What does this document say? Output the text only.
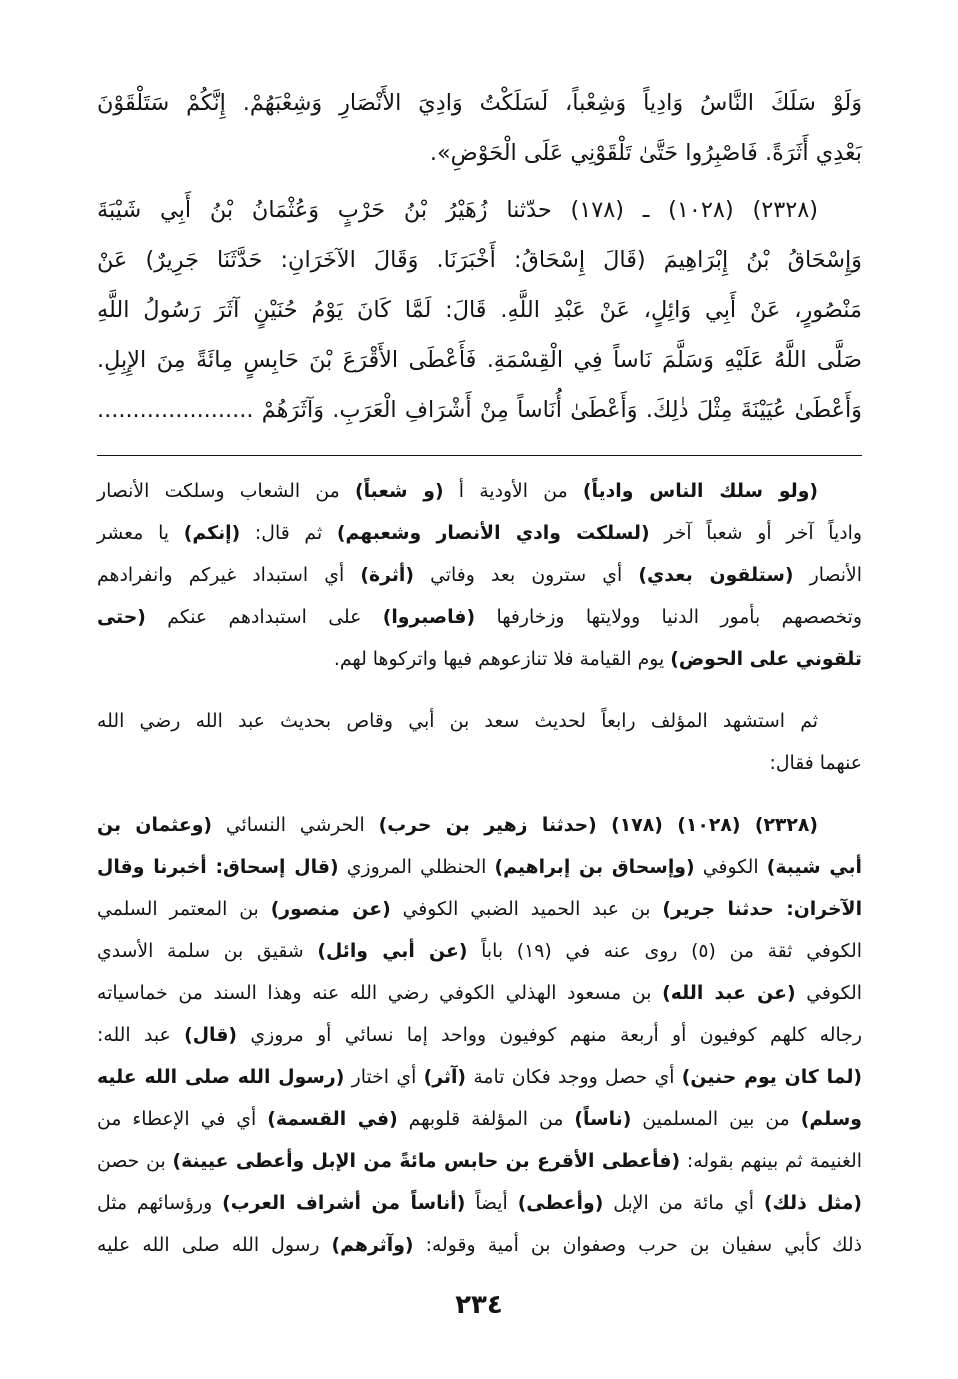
وَلَوْ سَلَكَ النَّاسُ وَادِياً وَشِعْباً، لَسَلَكْتُ وَادِيَ الأَنْصَارِ وَشِعْبَهُمْ. إِنَّكُمْ سَتَلْقَوْنَ
بَعْدِي أَثَرَةً. فَاصْبِرُوا حَتَّىٰ تَلْقَوْنِي عَلَى الْحَوْضِ».
(٢٣٢٨) (١٠٢٨) ـ (١٧٨) حدّثنا زُهَيْرُ بْنُ حَرْبٍ وَعُثْمَانُ بْنُ أَبِي شَيْبَةَ
وَإِسْحَاقُ بْنُ إِبْرَاهِيمَ (قَالَ إِسْحَاقُ: أَخْبَرَنَا. وَقَالَ الآخَرَانِ: حَدَّثَنَا جَرِيرٌ) عَنْ
مَنْصُورٍ، عَنْ أَبِي وَائِلٍ، عَنْ عَبْدِ اللَّهِ. قَالَ: لَمَّا كَانَ يَوْمُ حُنَيْنٍ آثَرَ رَسُولُ اللَّهِ
صَلَّى اللَّهُ عَلَيْهِ وَسَلَّمَ نَاساً فِي الْقِسْمَةِ. فَأَعْطَى الأَقْرَعَ بْنَ حَابِسٍ مِائَةً مِنَ الإِبِلِ.
وَأَعْطَىٰ عُيَيْنَةَ مِثْلَ ذٰلِكَ. وَأَعْطَىٰ أُنَاساً مِنْ أَشْرَافِ الْعَرَبِ. وَآثَرَهُمْ ......................
(ولو سلك الناس وادياً) من الأودية أ (و شعباً) من الشعاب وسلكت الأنصار
وادياً آخر أو شعباً آخر (لسلكت وادي الأنصار وشعبهم) ثم قال: (إنكم) يا معشر
الأنصار (ستلقون بعدي) أي سترون بعد وفاتي (أثرة) أي استبداد غيركم وانفرادهم
وتخصصهم بأمور الدنيا وولايتها وزخارفها (فاصبروا) على استبدادهم عنكم (حتى
تلقوني على الحوض) يوم القيامة فلا تنازعوهم فيها واتركوها لهم.
ثم استشهد المؤلف رابعاً لحديث سعد بن أبي وقاص بحديث عبد الله رضي الله
عنهما فقال:
(٢٣٢٨) (١٠٢٨) (١٧٨) (حدثنا زهير بن حرب) الحرشي النسائي (وعثمان بن
أبي شيبة) الكوفي (وإسحاق بن إبراهيم) الحنظلي المروزي (قال إسحاق: أخبرنا وقال
الآخران: حدثنا جرير) بن عبد الحميد الضبي الكوفي (عن منصور) بن المعتمر السلمي
الكوفي ثقة من (٥) روى عنه في (١٩) باباً (عن أبي وائل) شقيق بن سلمة الأسدي
الكوفي (عن عبد الله) بن مسعود الهذلي الكوفي رضي الله عنه وهذا السند من خماسياته
رجاله كلهم كوفيون أو أربعة منهم كوفيون وواحد إما نسائي أو مروزي (قال) عبد الله:
(لما كان يوم حنين) أي حصل ووجد فكان تامة (آثر) أي اختار (رسول الله صلى الله عليه
وسلم) من بين المسلمين (ناساً) من المؤلفة قلوبهم (في القسمة) أي في الإعطاء من
الغنيمة ثم بينهم بقوله: (فأعطى الأقرع بن حابس مائةً من الإبل وأعطى عيينة) بن حصن
(مثل ذلك) أي مائة من الإبل (وأعطى) أيضاً (أناساً من أشراف العرب) ورؤسائهم مثل
ذلك كأبي سفيان بن حرب وصفوان بن أمية وقوله: (وآثرهم) رسول الله صلى الله عليه
٢٣٤
